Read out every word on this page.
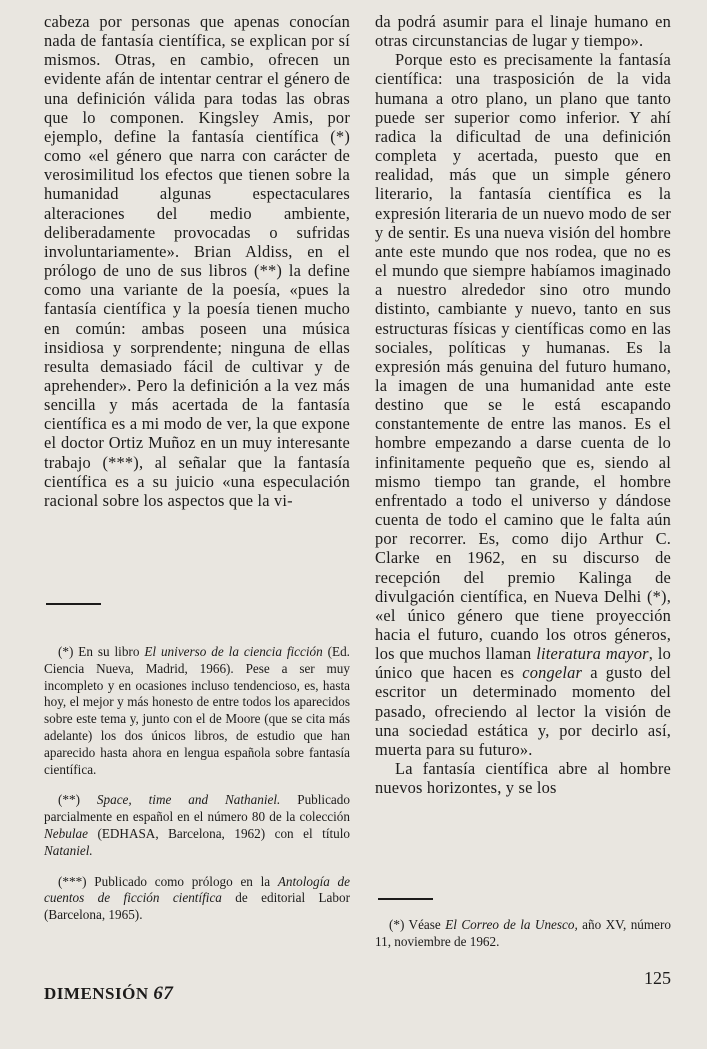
cabeza por personas que apenas conocían nada de fantasía científica, se explican por sí mismos. Otras, en cambio, ofrecen un evidente afán de intentar centrar el género de una definición válida para todas las obras que lo componen. Kingsley Amis, por ejemplo, define la fantasía científica (*) como «el género que narra con carácter de verosimilitud los efectos que tienen sobre la humanidad algunas espectaculares alteraciones del medio ambiente, deliberadamente provocadas o sufridas involuntariamente». Brian Aldiss, en el prólogo de uno de sus libros (**) la define como una variante de la poesía, «pues la fantasía científica y la poesía tienen mucho en común: ambas poseen una música insidiosa y sorprendente; ninguna de ellas resulta demasiado fácil de cultivar y de aprehender». Pero la definición a la vez más sencilla y más acertada de la fantasía científica es a mi modo de ver, la que expone el doctor Ortiz Muñoz en un muy interesante trabajo (***), al señalar que la fantasía científica es a su juicio «una especulación racional sobre los aspectos que la vi-

(*) En su libro El universo de la ciencia ficción (Ed. Ciencia Nueva, Madrid, 1966). Pese a ser muy incompleto y en ocasiones incluso tendencioso, es, hasta hoy, el mejor y más honesto de entre todos los aparecidos sobre este tema y, junto con el de Moore (que se cita más adelante) los dos únicos libros, de estudio que han aparecido hasta ahora en lengua española sobre fantasía científica.

(**) Space, time and Nathaniel. Publicado parcialmente en español en el número 80 de la colección Nebulae (EDHASA, Barcelona, 1962) con el título Nataniel.

(***) Publicado como prólogo en la Antología de cuentos de ficción científica de editorial Labor (Barcelona, 1965).

da podrá asumir para el linaje humano en otras circunstancias de lugar y tiempo».

Porque esto es precisamente la fantasía científica: una trasposición de la vida humana a otro plano, un plano que tanto puede ser superior como inferior. Y ahí radica la dificultad de una definición completa y acertada, puesto que en realidad, más que un simple género literario, la fantasía científica es la expresión literaria de un nuevo modo de ser y de sentir. Es una nueva visión del hombre ante este mundo que nos rodea, que no es el mundo que siempre habíamos imaginado a nuestro alrededor sino otro mundo distinto, cambiante y nuevo, tanto en sus estructuras físicas y científicas como en las sociales, políticas y humanas. Es la expresión más genuina del futuro humano, la imagen de una humanidad ante este destino que se le está escapando constantemente de entre las manos. Es el hombre empezando a darse cuenta de lo infinitamente pequeño que es, siendo al mismo tiempo tan grande, el hombre enfrentado a todo el universo y dándose cuenta de todo el camino que le falta aún por recorrer. Es, como dijo Arthur C. Clarke en 1962, en su discurso de recepción del premio Kalinga de divulgación científica, en Nueva Delhi (*), «el único género que tiene proyección hacia el futuro, cuando los otros géneros, los que muchos llaman literatura mayor, lo único que hacen es congelar a gusto del escritor un determinado momento del pasado, ofreciendo al lector la visión de una sociedad estática y, por decirlo así, muerta para su futuro».

La fantasía científica abre al hombre nuevos horizontes, y se los

(*) Véase El Correo de la Unesco, año XV, número 11, noviembre de 1962.

DIMENSIÓN 67
125
